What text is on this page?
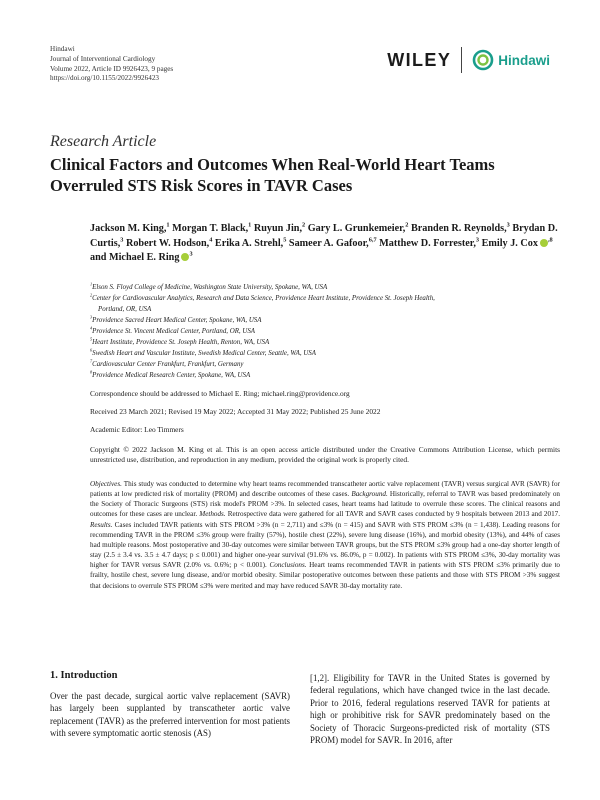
Hindawi
Journal of Interventional Cardiology
Volume 2022, Article ID 9926423, 9 pages
https://doi.org/10.1155/2022/9926423
WILEY	Hindawi
Research Article
Clinical Factors and Outcomes When Real-World Heart Teams Overruled STS Risk Scores in TAVR Cases
Jackson M. King,$^1$ Morgan T. Black,$^1$ Ruyun Jin,$^2$ Gary L. Grunkemeier,$^2$ Branden R. Reynolds,$^3$ Brydan D. Curtis,$^3$ Robert W. Hodson,$^4$ Erika A. Strehl,$^5$ Sameer A. Gafoor,$^{6,7}$ Matthew D. Forrester,$^3$ Emily J. Cox $^{,8}$ and Michael E. Ring $^3$
$^1$Elson S. Floyd College of Medicine, Washington State University, Spokane, WA, USA
$^2$Center for Cardiovascular Analytics, Research and Data Science, Providence Heart Institute, Providence St. Joseph Health,
Portland, OR, USA
$^3$Providence Sacred Heart Medical Center, Spokane, WA, USA
$^4$Providence St. Vincent Medical Center, Portland, OR, USA
$^5$Heart Institute, Providence St. Joseph Health, Renton, WA, USA
$^6$Swedish Heart and Vascular Institute, Swedish Medical Center, Seattle, WA, USA
$^7$Cardiovascular Center Frankfurt, Frankfurt, Germany
$^8$Providence Medical Research Center, Spokane, WA, USA
Correspondence should be addressed to Michael E. Ring; michael.ring@providence.org
Received 23 March 2021; Revised 19 May 2022; Accepted 31 May 2022; Published 25 June 2022
Academic Editor: Leo Timmers
Copyright © 2022 Jackson M. King et al. This is an open access article distributed under the Creative Commons Attribution License, which permits unrestricted use, distribution, and reproduction in any medium, provided the original work is properly cited.
Objectives. This study was conducted to determine why heart teams recommended transcatheter aortic valve replacement (TAVR) versus surgical AVR (SAVR) for patients at low predicted risk of mortality (PROM) and describe outcomes of these cases. Background. Historically, referral to TAVR was based predominately on the Society of Thoracic Surgeons (STS) risk model's PROM >3%. In selected cases, heart teams had latitude to overrule these scores. The clinical reasons and outcomes for these cases are unclear. Methods. Retrospective data were gathered for all TAVR and SAVR cases conducted by 9 hospitals between 2013 and 2017. Results. Cases included TAVR patients with STS PROM >3% (n = 2,711) and ≤3% (n = 415) and SAVR with STS PROM ≤3% (n = 1,438). Leading reasons for recommending TAVR in the PROM ≤3% group were frailty (57%), hostile chest (22%), severe lung disease (16%), and morbid obesity (13%), and 44% of cases had multiple reasons. Most postoperative and 30-day outcomes were similar between TAVR groups, but the STS PROM ≤3% group had a one-day shorter length of stay (2.5 ± 3.4 vs. 3.5 ± 4.7 days; p ≤ 0.001) and higher one-year survival (91.6% vs. 86.0%, p = 0.002). In patients with STS PROM ≤3%, 30-day mortality was higher for TAVR versus SAVR (2.0% vs. 0.6%; p < 0.001). Conclusions. Heart teams recommended TAVR in patients with STS PROM ≤3% primarily due to frailty, hostile chest, severe lung disease, and/or morbid obesity. Similar postoperative outcomes between these patients and those with STS PROM >3% suggest that decisions to overrule STS PROM ≤3% were merited and may have reduced SAVR 30-day mortality rate.
1. Introduction
Over the past decade, surgical aortic valve replacement (SAVR) has largely been supplanted by transcatheter aortic valve replacement (TAVR) as the preferred intervention for most patients with severe symptomatic aortic stenosis (AS)
[1,2]. Eligibility for TAVR in the United States is governed by federal regulations, which have changed twice in the last decade. Prior to 2016, federal regulations reserved TAVR for patients at high or prohibitive risk for SAVR predominately based on the Society of Thoracic Surgeons-predicted risk of mortality (STS PROM) model for SAVR. In 2016, after
